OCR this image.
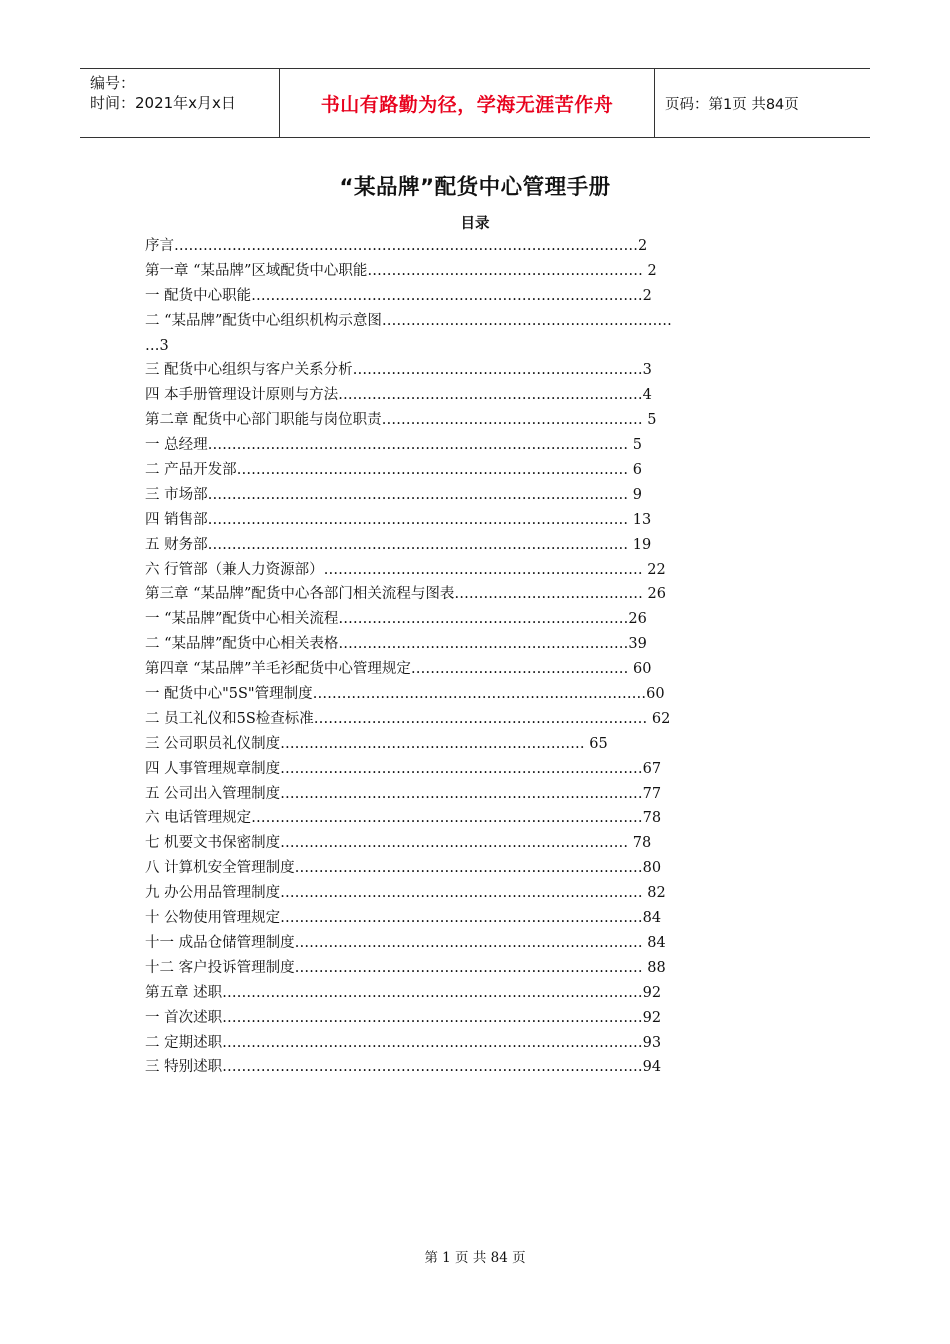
编号：
时间：2021年x月x日	书山有路勤为径，学海无涯苦作舟	页码：第1页 共84页
“某品牌”配货中心管理手册
目录
序言……………………………………………………………………………………2
第一章 “某品牌”区域配货中心职能………………………………………………… 2
一 配货中心职能………………………………………………………………………2
二 “某品牌”配货中心组织机构示意图……………………………………………………
…3
三 配货中心组织与客户关系分析……………………………………………………3
四 本手册管理设计原则与方法………………………………………………………4
第二章 配货中心部门职能与岗位职责……………………………………………… 5
一 总经理…………………………………………………………………………… 5
二 产品开发部……………………………………………………………………… 6
三 市场部…………………………………………………………………………… 9
四 销售部…………………………………………………………………………… 13
五 财务部…………………………………………………………………………… 19
六 行管部（兼人力资源部）………………………………………………………… 22
第三章 “某品牌”配货中心各部门相关流程与图表………………………………… 26
一 “某品牌”配货中心相关流程……………………………………………………26
二 “某品牌”配货中心相关表格……………………………………………………39
第四章 “某品牌”羊毛衫配货中心管理规定……………………………………… 60
一 配货中心"5S"管理制度……………………………………………………………60
二 员工礼仪和5S检查标准…………………………………………………………… 62
三 公司职员礼仪制度……………………………………………………… 65
四 人事管理规章制度…………………………………………………………………67
五 公司出入管理制度…………………………………………………………………77
六 电话管理规定………………………………………………………………………78
七 机要文书保密制度……………………………………………………………… 78
八 计算机安全管理制度………………………………………………………………80
九 办公用品管理制度………………………………………………………………… 82
十 公物使用管理规定…………………………………………………………………84
十一 成品仓储管理制度……………………………………………………………… 84
十二 客户投诉管理制度……………………………………………………………… 88
第五章 述职……………………………………………………………………………92
一 首次述职……………………………………………………………………………92
二 定期述职……………………………………………………………………………93
三 特别述职……………………………………………………………………………94
第 1 页 共 84 页
